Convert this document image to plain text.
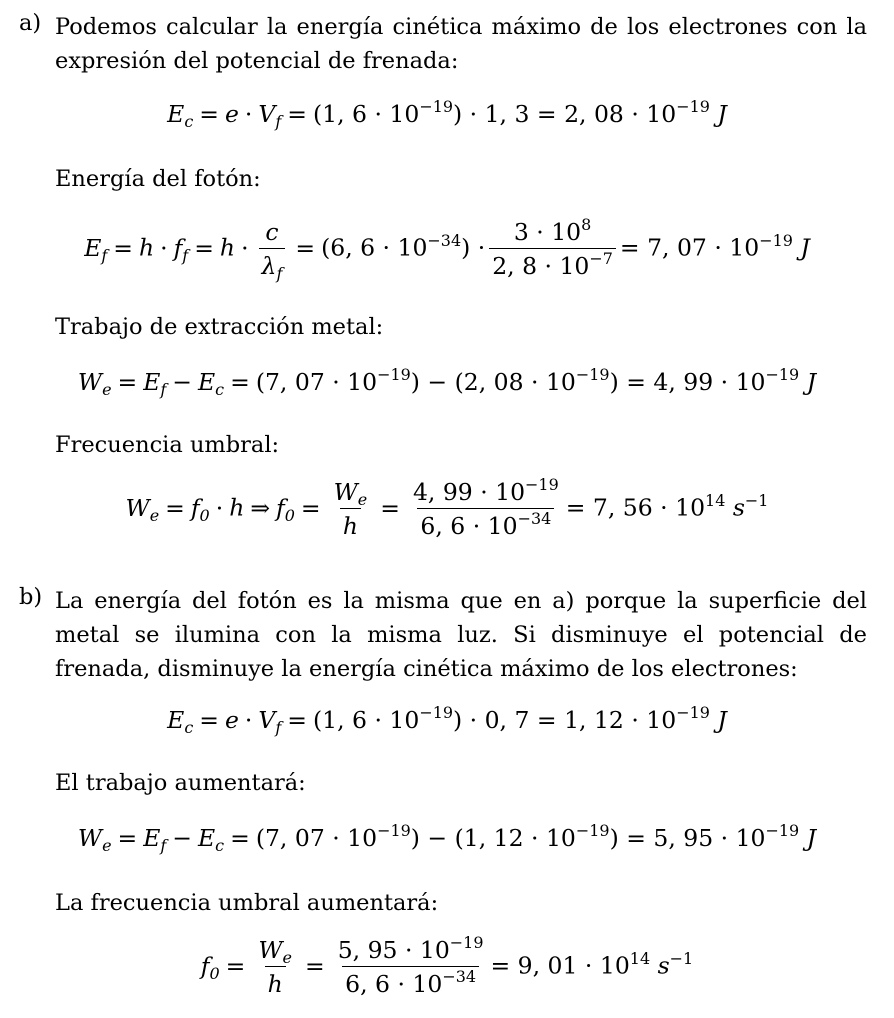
a) Podemos calcular la energía cinética máximo de los electrones con la expresión del potencial de frenada:
$E_c = e \cdot V_f = (1$, $6 \cdot 10^{-19}) \cdot 1$, 3 = 2, $08 \cdot 10^{-19}$ J
Energía del fotón:
$E_f = h \cdot f_f = h \cdot \frac{c}{\lambda_f} = (6$, $6 \cdot 10^{-34}) \cdot \frac{3 \cdot 10^8}{2, 8 \cdot 10^{-7}} = 7$, $07 \cdot 10^{-19}$ J
Trabajo de extracción metal:
$W_e = E_f - E_c = (7$, $07 \cdot 10^{-19}) - (2$, $08 \cdot 10^{-19}) = 4$, $99 \cdot 10^{-19}$ J
Frecuencia umbral:
$W_e = f_0 \cdot h$ ⇒ $f_0 = \frac{W_e}{h} = \frac{4, 99 \cdot 10^{-19}}{6, 6 \cdot 10^{-34}} = 7$, $56 \cdot 10^{14}$ $s^{-1}$
b) La energía del fotón es la misma que en a) porque la superficie del metal se ilumina con la misma luz. Si disminuye el potencial de frenada, disminuye la energía cinética máximo de los electrones:
$E_c = e \cdot V_f = (1$, $6 \cdot 10^{-19}) \cdot 0$, 7 = 1, $12 \cdot 10^{-19}$ J
El trabajo aumentará:
$W_e = E_f - E_c = (7$, $07 \cdot 10^{-19}) - (1$, $12 \cdot 10^{-19}) = 5$, $95 \cdot 10^{-19}$ J
La frecuencia umbral aumentará:
$f_0 = \frac{W_e}{h} = \frac{5, 95 \cdot 10^{-19}}{6, 6 \cdot 10^{-34}} = 9$, $01 \cdot 10^{14}$ $s^{-1}$
